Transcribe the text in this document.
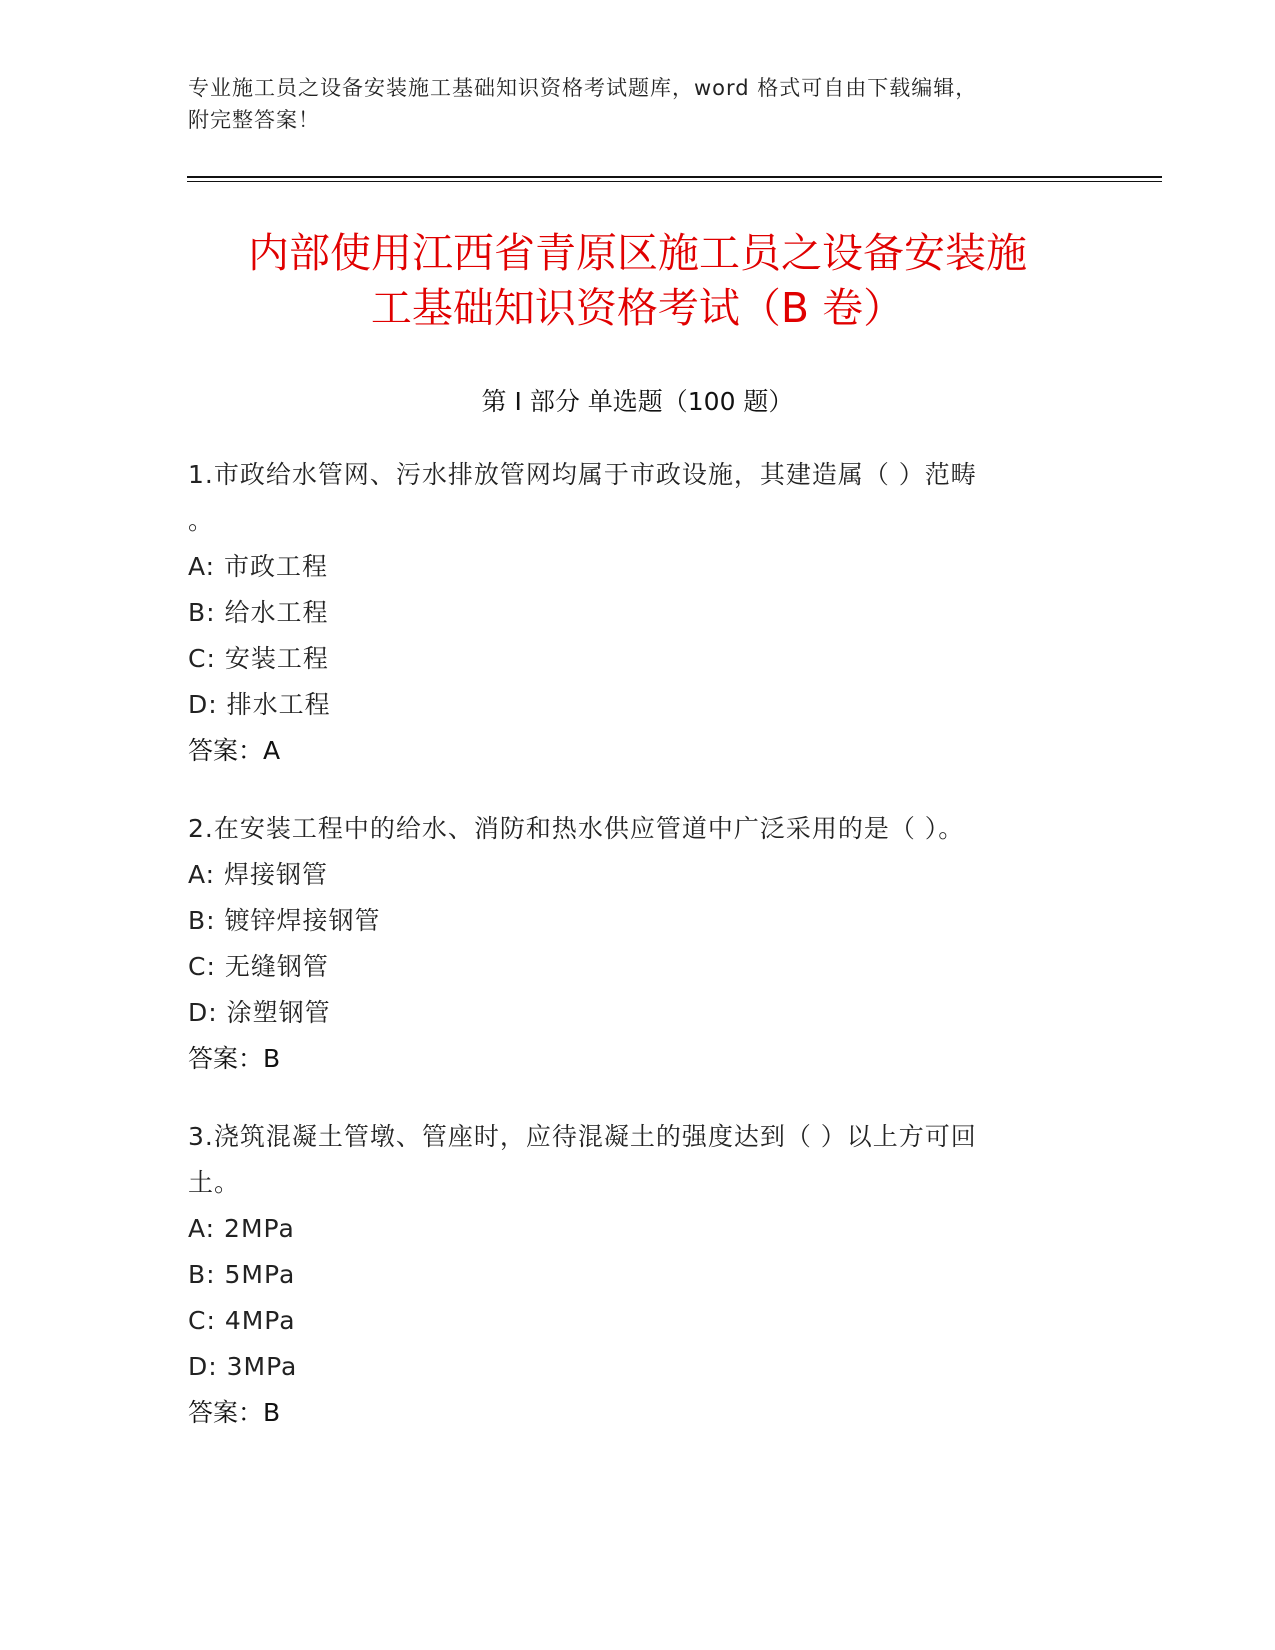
专业施工员之设备安装施工基础知识资格考试题库，word 格式可自由下载编辑，
附完整答案！
内部使用江西省青原区施工员之设备安装施
工基础知识资格考试（B 卷）
第 I 部分 单选题（100 题）

1.市政给水管网、污水排放管网均属于市政设施，其建造属（ ）范畴

。

A: 市政工程

B: 给水工程

C: 安装工程

D: 排水工程

答案：A

2.在安装工程中的给水、消防和热水供应管道中广泛采用的是（ ）。

A: 焊接钢管

B: 镀锌焊接钢管

C: 无缝钢管

D: 涂塑钢管

答案：B

3.浇筑混凝土管墩、管座时，应待混凝土的强度达到（ ）以上方可回

土。

A: 2MPa

B: 5MPa

C: 4MPa

D: 3MPa

答案：B
